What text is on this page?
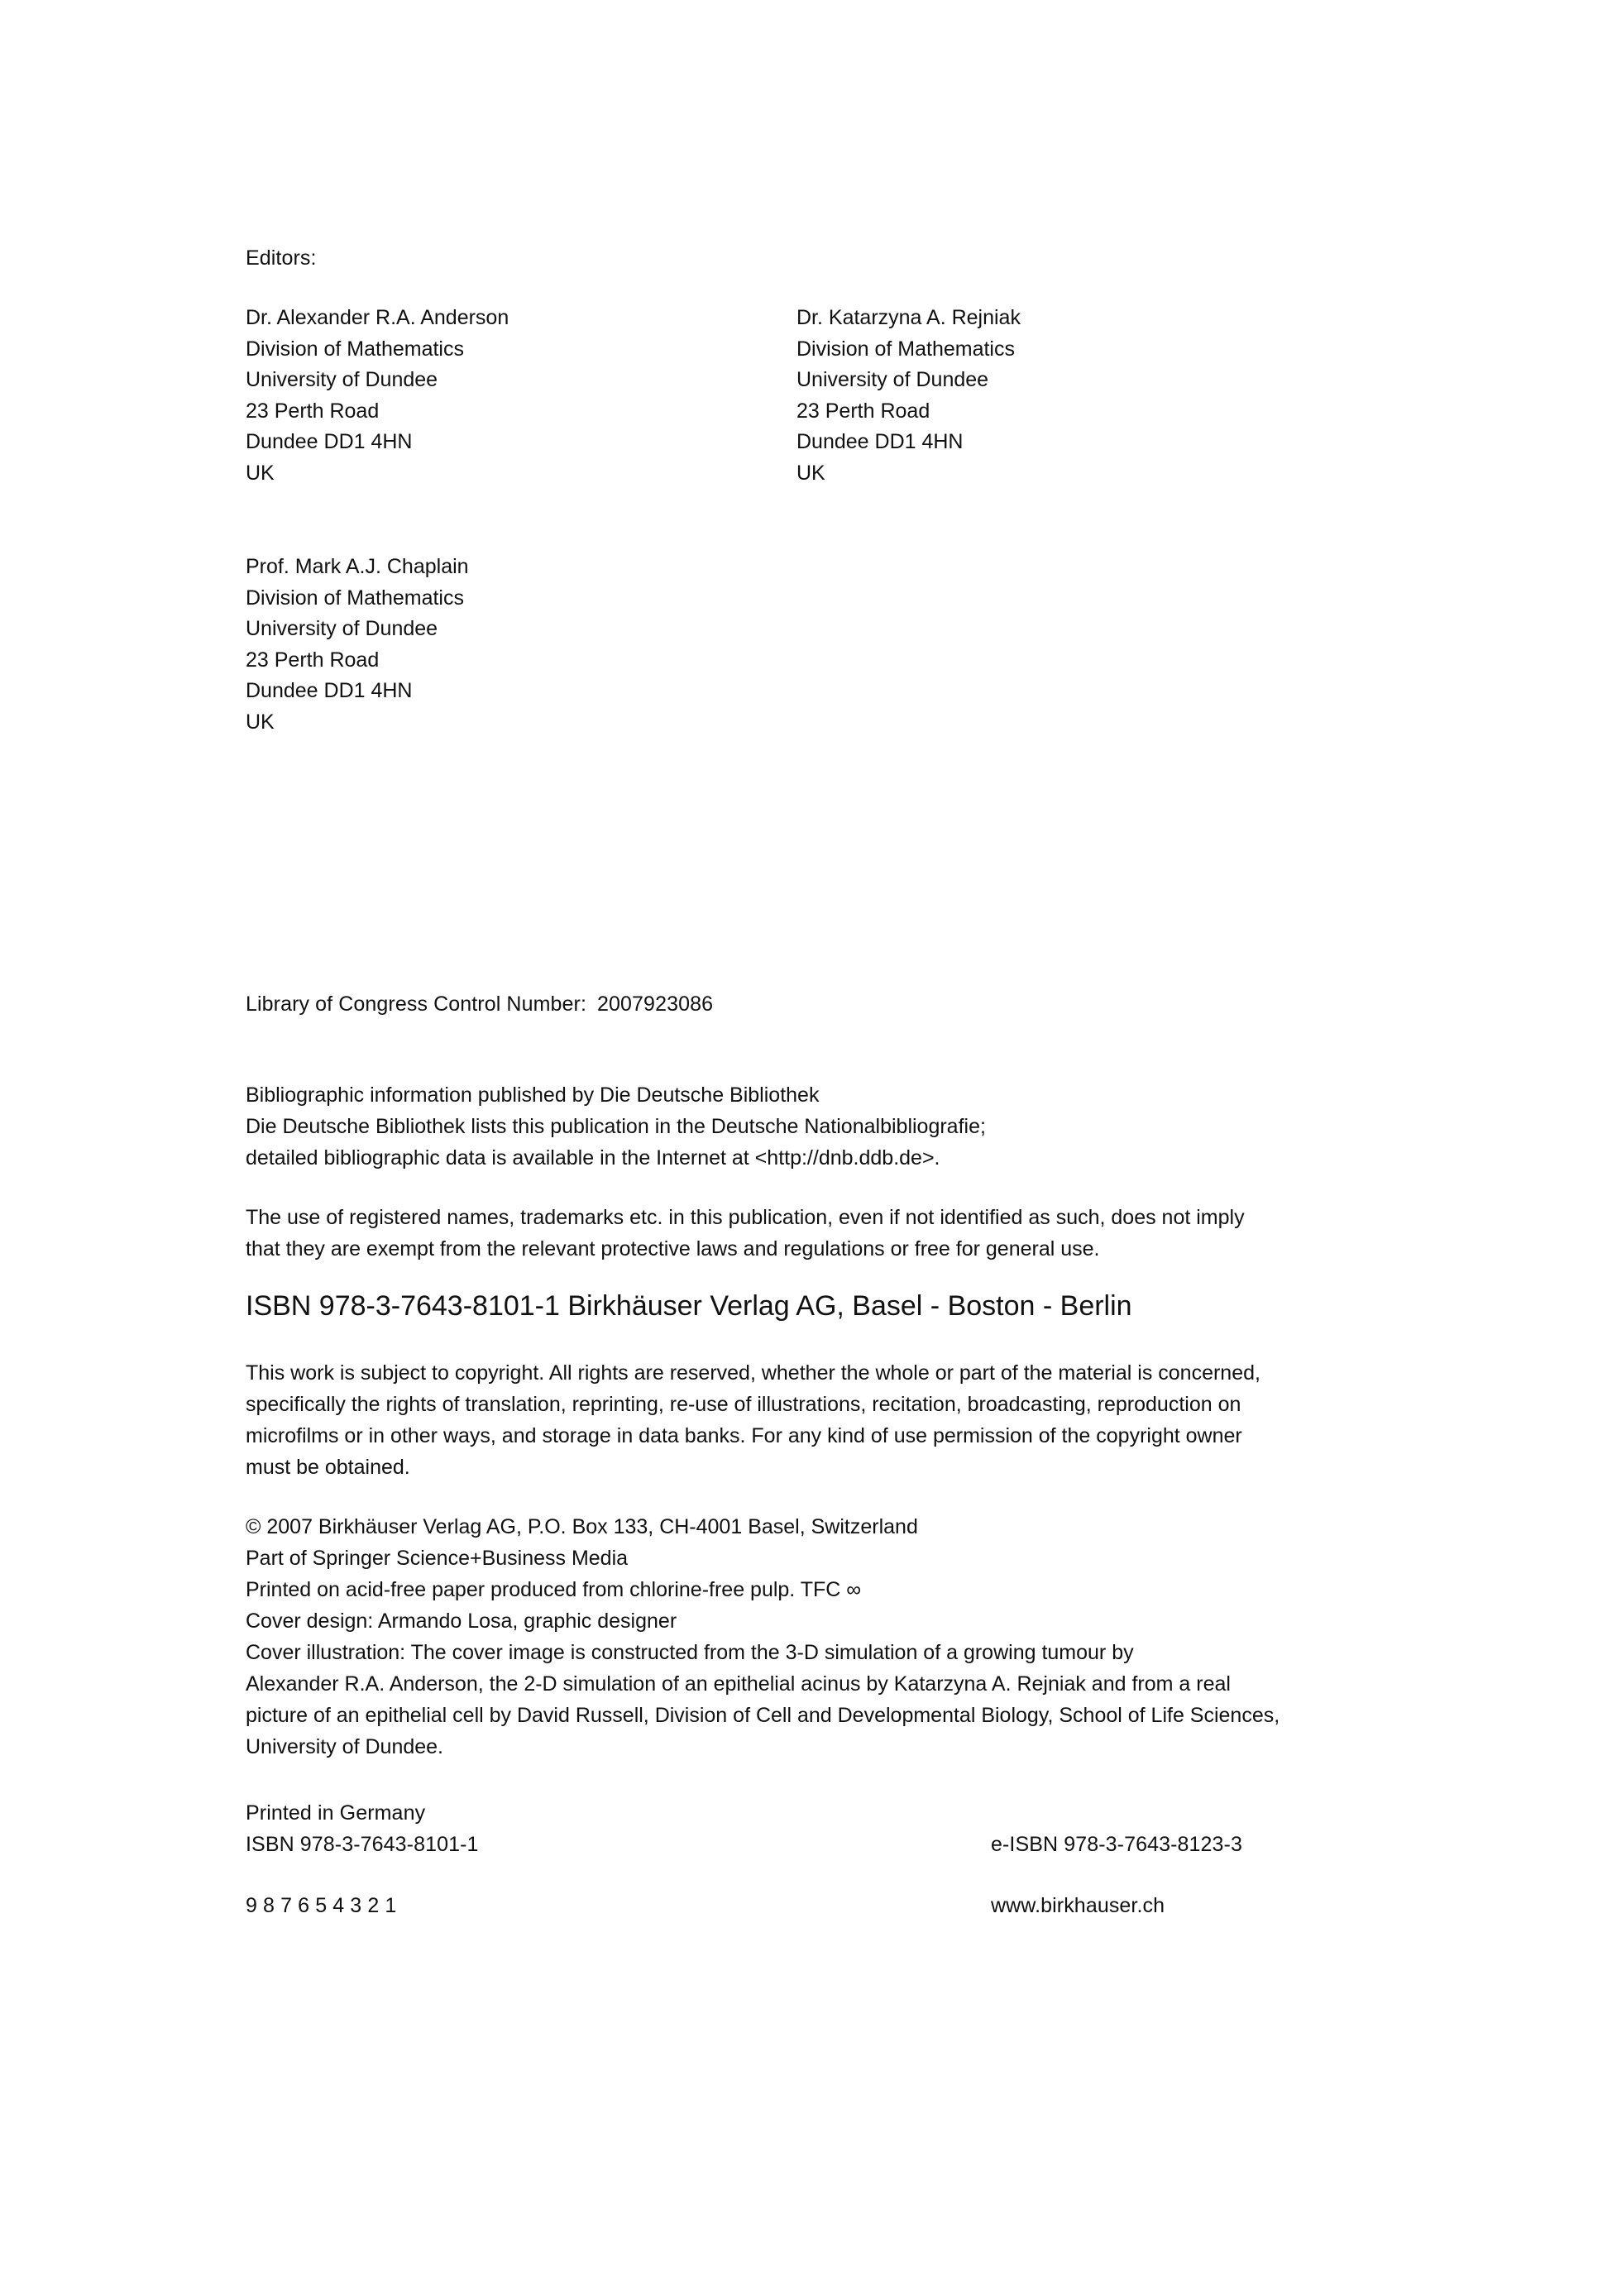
Editors:
Dr. Alexander R.A. Anderson
Division of Mathematics
University of Dundee
23 Perth Road
Dundee DD1 4HN
UK
Dr. Katarzyna A. Rejniak
Division of Mathematics
University of Dundee
23 Perth Road
Dundee DD1 4HN
UK
Prof. Mark A.J. Chaplain
Division of Mathematics
University of Dundee
23 Perth Road
Dundee DD1 4HN
UK
Library of Congress Control Number: 2007923086
Bibliographic information published by Die Deutsche Bibliothek
Die Deutsche Bibliothek lists this publication in the Deutsche Nationalbibliografie;
detailed bibliographic data is available in the Internet at <http://dnb.ddb.de>.
The use of registered names, trademarks etc. in this publication, even if not identified as such, does not imply
that they are exempt from the relevant protective laws and regulations or free for general use.
ISBN 978-3-7643-8101-1 Birkhäuser Verlag AG, Basel - Boston - Berlin
This work is subject to copyright. All rights are reserved, whether the whole or part of the material is concerned,
specifically the rights of translation, reprinting, re-use of illustrations, recitation, broadcasting, reproduction on
microfilms or in other ways, and storage in data banks. For any kind of use permission of the copyright owner
must be obtained.
© 2007 Birkhäuser Verlag AG, P.O. Box 133, CH-4001 Basel, Switzerland
Part of Springer Science+Business Media
Printed on acid-free paper produced from chlorine-free pulp. TFC ∞
Cover design: Armando Losa, graphic designer
Cover illustration: The cover image is constructed from the 3-D simulation of a growing tumour by
Alexander R.A. Anderson, the 2-D simulation of an epithelial acinus by Katarzyna A. Rejniak and from a real
picture of an epithelial cell by David Russell, Division of Cell and Developmental Biology, School of Life Sciences,
University of Dundee.
Printed in Germany
ISBN 978-3-7643-8101-1	e-ISBN 978-3-7643-8123-3
9 8 7 6 5 4 3 2 1	www.birkhauser.ch
